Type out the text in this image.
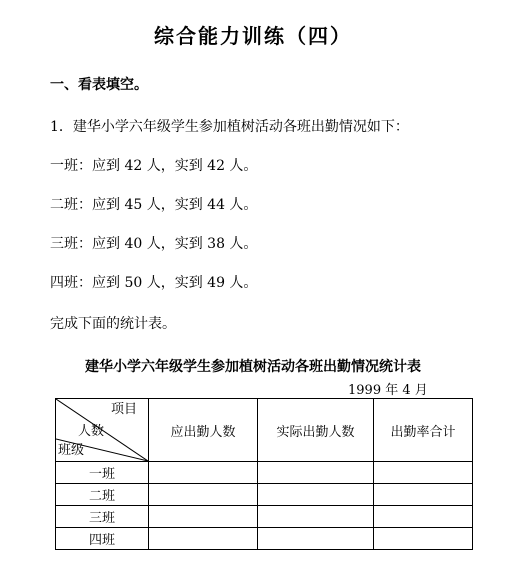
综合能力训练（四）
一、看表填空。
1．建华小学六年级学生参加植树活动各班出勤情况如下：
一班：应到 42 人，实到 42 人。
二班：应到 45 人，实到 44 人。
三班：应到 40 人，实到 38 人。
四班：应到 50 人，实到 49 人。
完成下面的统计表。
建华小学六年级学生参加植树活动各班出勤情况统计表
1999 年 4 月
项目
人数
班级	应出勤人数	实际出勤人数	出勤率合计
一班			
二班			
三班			
四班			
